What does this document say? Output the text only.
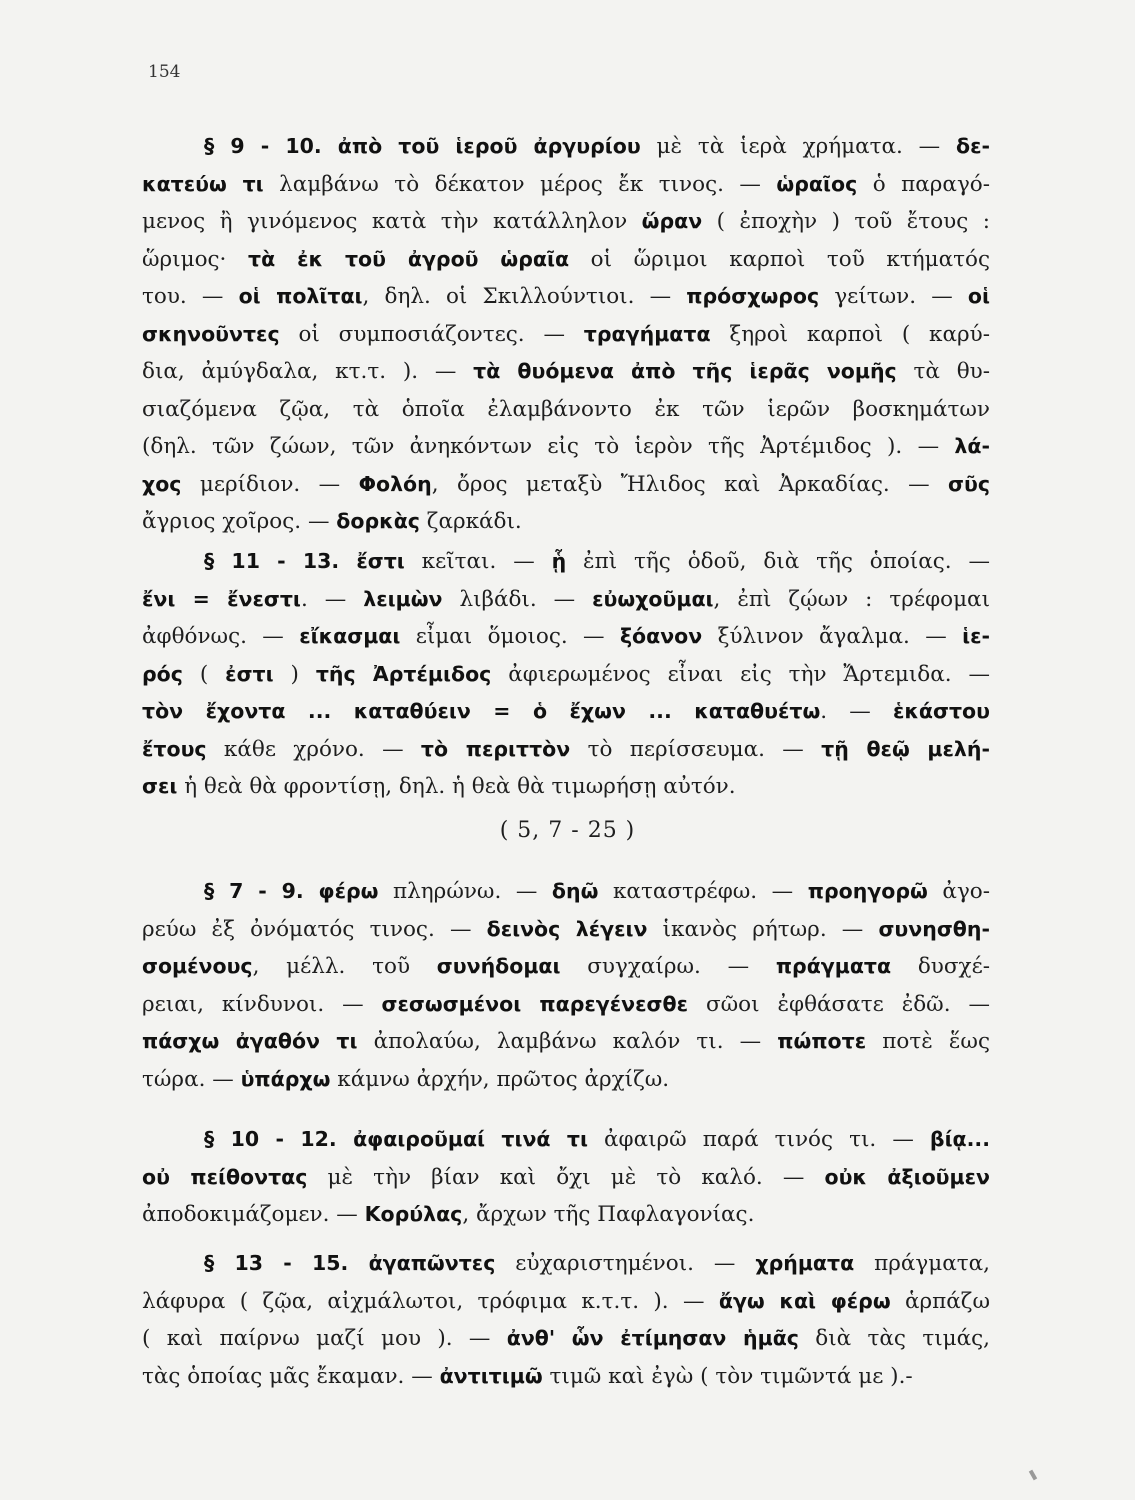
154
§ 9 - 10. ἀπὸ τοῦ ἱεροῦ ἀργυρίου μὲ τὰ ἱερὰ χρήματα. — δε-
κατεύω τι λαμβάνω τὸ δέκατον μέρος ἔκ τινος. — ὡραῖος ὁ παραγό-
μενος ἢ γινόμενος κατὰ τὴν κατάλληλον ὥραν ( ἐποχὴν ) τοῦ ἔτους :
ὥριμος· τὰ ἐκ τοῦ ἀγροῦ ὡραῖα οἱ ὥριμοι καρποὶ τοῦ κτήματός
του. — οἱ πολῖται, δηλ. οἱ Σκιλλούντιοι. — πρόσχωρος γείτων. — οἱ
σκηνοῦντες οἱ συμποσιάζοντες. — τραγήματα ξηροὶ καρποὶ ( καρύ-
δια, ἀμύγδαλα, κτ.τ. ). — τὰ θυόμενα ἀπὸ τῆς ἱερᾶς νομῆς τὰ θυ-
σιαζόμενα ζῷα, τὰ ὁποῖα ἐλαμβάνοντο ἐκ τῶν ἱερῶν βοσκημάτων
(δηλ. τῶν ζώων, τῶν ἀνηκόντων εἰς τὸ ἱερὸν τῆς Ἀρτέμιδος ). — λά-
χος μερίδιον. — Φολόη, ὄρος μεταξὺ Ἤλιδος καὶ Ἀρκαδίας. — σῦς
ἄγριος χοῖρος. — δορκὰς ζαρκάδι.
§ 11 - 13. ἔστι κεῖται. — ᾗ ἐπὶ τῆς ὁδοῦ, διὰ τῆς ὁποίας. —
ἔνι = ἔνεστι. — λειμὼν λιβάδι. — εὐωχοῦμαι, ἐπὶ ζῴων : τρέφομαι
ἀφθόνως. — εἴκασμαι εἶμαι ὅμοιος. — ξόανον ξύλινον ἄγαλμα. — ἱε-
ρός ( ἐστι ) τῆς Ἀρτέμιδος ἀφιερωμένος εἶναι εἰς τὴν Ἄρτεμιδα. —
τὸν ἔχοντα ... καταθύειν = ὁ ἔχων ... καταθυέτω. — ἑκάστου
ἔτους κάθε χρόνο. — τὸ περιττὸν τὸ περίσσευμα. — τῇ θεῷ μελή-
σει ἡ θεὰ θὰ φροντίσῃ, δηλ. ἡ θεὰ θὰ τιμωρήσῃ αὐτόν.
( 5, 7 - 25 )
§ 7 - 9. φέρω πληρώνω. — δηῶ καταστρέφω. — προηγορῶ ἀγο-
ρεύω ἐξ ὀνόματός τινος. — δεινὸς λέγειν ἱκανὸς ρήτωρ. — συνησθη-
σομένους, μέλλ. τοῦ συνήδομαι συγχαίρω. — πράγματα δυσχέ-
ρειαι, κίνδυνοι. — σεσωσμένοι παρεγένεσθε σῶοι ἐφθάσατε ἐδῶ. —
πάσχω ἀγαθόν τι ἀπολαύω, λαμβάνω καλόν τι. — πώποτε ποτὲ ἕως
τώρα. — ὑπάρχω κάμνω ἀρχήν, πρῶτος ἀρχίζω.
§ 10 - 12. ἀφαιροῦμαί τινά τι ἀφαιρῶ παρά τινός τι. — βίᾳ...
οὐ πείθοντας μὲ τὴν βίαν καὶ ὄχι μὲ τὸ καλό. — οὐκ ἀξιοῦμεν
ἀποδοκιμάζομεν. — Κορύλας, ἄρχων τῆς Παφλαγονίας.
§ 13 - 15. ἀγαπῶντες εὐχαριστημένοι. — χρήματα πράγματα,
λάφυρα ( ζῷα, αἰχμάλωτοι, τρόφιμα κ.τ.τ. ). — ἄγω καὶ φέρω ἁρπάζω
( καὶ παίρνω μαζί μου ). — ἀνθ' ὧν ἐτίμησαν ἡμᾶς διὰ τὰς τιμάς,
τὰς ὁποίας μᾶς ἔκαμαν. — ἀντιτιμῶ τιμῶ καὶ ἐγὼ ( τὸν τιμῶντά με ).-
